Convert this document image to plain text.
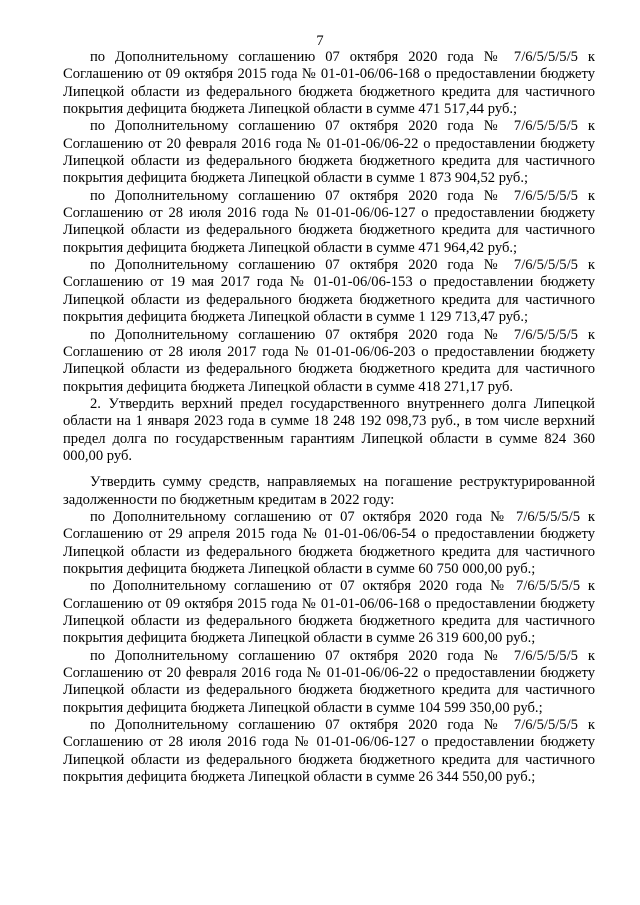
7

по Дополнительному соглашению 07 октября 2020 года № 7/6/5/5/5/5 к Соглашению от 09 октября 2015 года № 01-01-06/06-168 о предоставлении бюджету Липецкой области из федерального бюджета бюджетного кредита для частичного покрытия дефицита бюджета Липецкой области в сумме 471 517,44 руб.;

по Дополнительному соглашению 07 октября 2020 года № 7/6/5/5/5/5 к Соглашению от 20 февраля 2016 года № 01-01-06/06-22 о предоставлении бюджету Липецкой области из федерального бюджета бюджетного кредита для частичного покрытия дефицита бюджета Липецкой области в сумме 1 873 904,52 руб.;

по Дополнительному соглашению 07 октября 2020 года № 7/6/5/5/5/5 к Соглашению от 28 июля 2016 года № 01-01-06/06-127 о предоставлении бюджету Липецкой области из федерального бюджета бюджетного кредита для частичного покрытия дефицита бюджета Липецкой области в сумме 471 964,42 руб.;

по Дополнительному соглашению 07 октября 2020 года № 7/6/5/5/5/5 к Соглашению от 19 мая 2017 года № 01-01-06/06-153 о предоставлении бюджету Липецкой области из федерального бюджета бюджетного кредита для частичного покрытия дефицита бюджета Липецкой области в сумме 1 129 713,47 руб.;

по Дополнительному соглашению 07 октября 2020 года № 7/6/5/5/5/5 к Соглашению от 28 июля 2017 года № 01-01-06/06-203 о предоставлении бюджету Липецкой области из федерального бюджета бюджетного кредита для частичного покрытия дефицита бюджета Липецкой области в сумме 418 271,17 руб.

2. Утвердить верхний предел государственного внутреннего долга Липецкой области на 1 января 2023 года в сумме 18 248 192 098,73 руб., в том числе верхний предел долга по государственным гарантиям Липецкой области в сумме 824 360 000,00 руб.

Утвердить сумму средств, направляемых на погашение реструктурированной задолженности по бюджетным кредитам в 2022 году:

по Дополнительному соглашению от 07 октября 2020 года № 7/6/5/5/5/5 к Соглашению от 29 апреля 2015 года № 01-01-06/06-54 о предоставлении бюджету Липецкой области из федерального бюджета бюджетного кредита для частичного покрытия дефицита бюджета Липецкой области в сумме 60 750 000,00 руб.;

по Дополнительному соглашению от 07 октября 2020 года № 7/6/5/5/5/5 к Соглашению от 09 октября 2015 года № 01-01-06/06-168 о предоставлении бюджету Липецкой области из федерального бюджета бюджетного кредита для частичного покрытия дефицита бюджета Липецкой области в сумме 26 319 600,00 руб.;

по Дополнительному соглашению 07 октября 2020 года № 7/6/5/5/5/5 к Соглашению от 20 февраля 2016 года № 01-01-06/06-22 о предоставлении бюджету Липецкой области из федерального бюджета бюджетного кредита для частичного покрытия дефицита бюджета Липецкой области в сумме 104 599 350,00 руб.;

по Дополнительному соглашению 07 октября 2020 года № 7/6/5/5/5/5 к Соглашению от 28 июля 2016 года № 01-01-06/06-127 о предоставлении бюджету Липецкой области из федерального бюджета бюджетного кредита для частичного покрытия дефицита бюджета Липецкой области в сумме 26 344 550,00 руб.;
